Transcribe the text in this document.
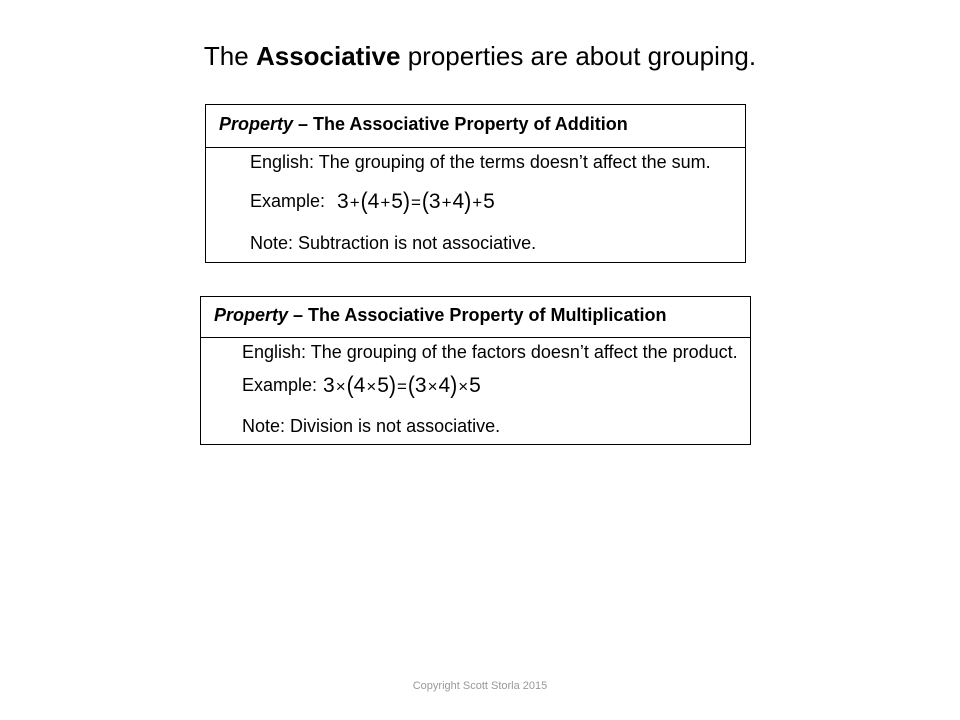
The Associative properties are about grouping.
Property – The Associative Property of Addition
English: The grouping of the terms doesn’t affect the sum.
Example: 3+(4+5)=(3+4)+5
Note: Subtraction is not associative.
Property – The Associative Property of Multiplication
English: The grouping of the factors doesn’t affect the product.
Example: 3×(4×5)=(3×4)×5
Note: Division is not associative.
Copyright Scott Storla 2015
